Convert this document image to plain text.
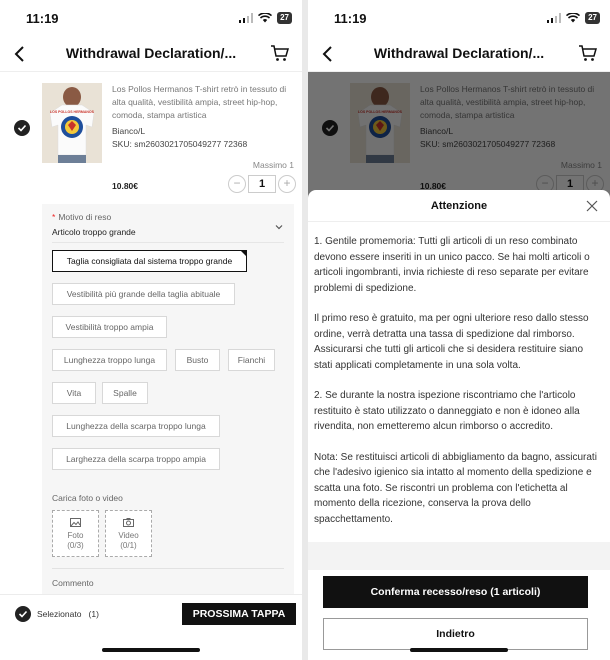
11:19	27
Withdrawal Declaration/...
LOS POLLOS HERMANOS
Los Pollos Hermanos T-shirt retrò in tessuto di alta qualità, vestibilità ampia, street hip-hop, comoda, stampa artistica
Bianco/L
SKU: sm2603021705049277 72368
Massimo 1
10.80€	−	1	+
* Motivo di reso
Articolo troppo grande
Taglia consigliata dal sistema troppo grande
Vestibilità più grande della taglia abituale
Vestibilità troppo ampia
Lunghezza troppo lunga	Busto	Fianchi
Vita	Spalle
Lunghezza della scarpa troppo lunga
Larghezza della scarpa troppo ampia
Carica foto o video
Foto
(0/3)
Video
(0/1)
Commento
Selezionato (1)	PROSSIMA TAPPA
11:19	27
Withdrawal Declaration/...
Attenzione

1. Gentile promemoria: Tutti gli articoli di un reso combinato devono essere inseriti in un unico pacco. Se hai molti articoli o articoli ingombranti, invia richieste di reso separate per evitare problemi di spedizione.

Il primo reso è gratuito, ma per ogni ulteriore reso dallo stesso ordine, verrà detratta una tassa di spedizione dal rimborso. Assicurarsi che tutti gli articoli che si desidera restituire siano stati applicati completamente in una sola volta.

2. Se durante la nostra ispezione riscontriamo che l'articolo restituito è stato utilizzato o danneggiato e non è idoneo alla rivendita, non emetteremo alcun rimborso o accredito.

Nota: Se restituisci articoli di abbigliamento da bagno, assicurati che l'adesivo igienico sia intatto al momento della spedizione e scatta una foto. Se riscontri un problema con l'etichetta al momento della ricezione, conserva la prova dello spacchettamento.

Conferma recesso/reso (1 articoli)
Indietro
